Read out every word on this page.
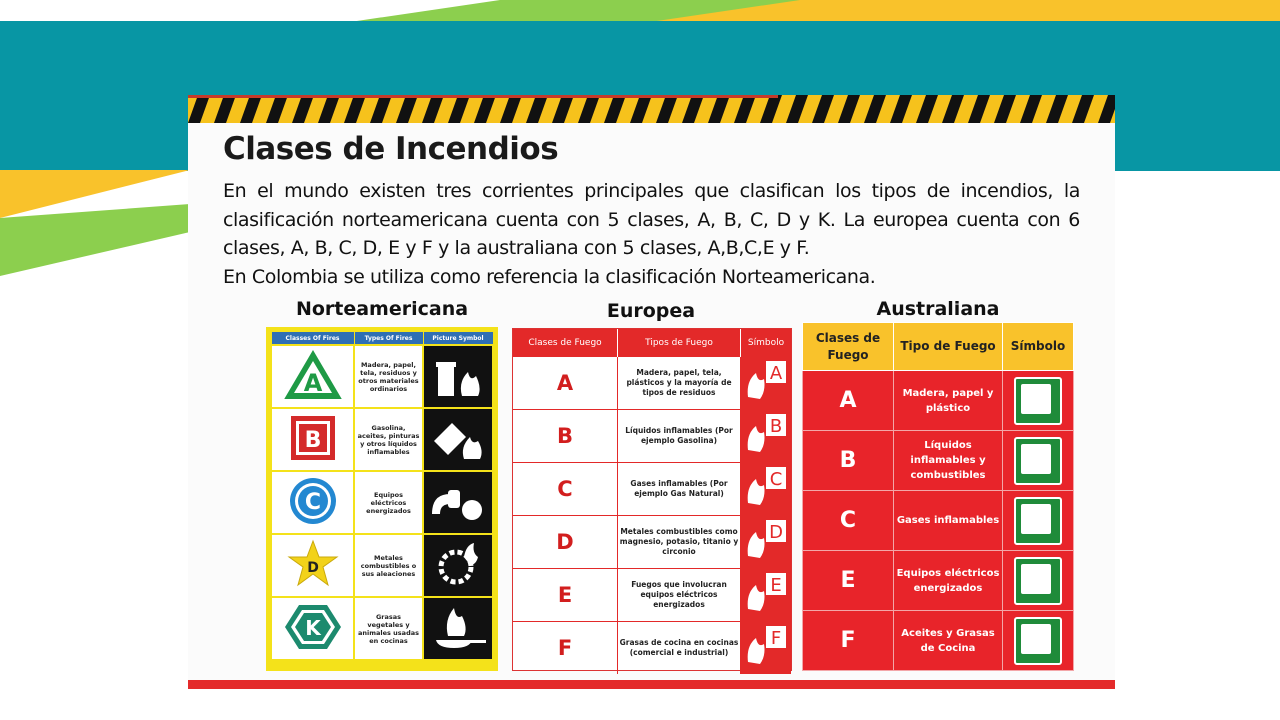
Clases de Incendios

En el mundo existen tres corrientes principales que clasifican los tipos de incendios, la clasificación norteamericana cuenta con 5 clases, A, B, C, D y K. La europea cuenta con 6 clases, A, B, C, D, E y F y la australiana con 5 clases, A,B,C,E y F.

En Colombia se utiliza como referencia la clasificación Norteamericana.

Norteamericana	Europea	Australiana
Classes Of Fires	Types Of Fires	Picture Symbol

A	Madera, papel, tela, residuos y otros materiales ordinarios	

B	Gasolina, aceites, pinturas y otros líquidos inflamables	

C	Equipos eléctricos energizados	

D	Metales combustibles o sus aleaciones	

K	Grasas vegetales y animales usadas en cocinas	
Clases de Fuego	Tipos de Fuego	Símbolo
A	Madera, papel, tela, plásticos y la mayoría de tipos de residuos	A

B	Líquidos inflamables (Por ejemplo Gasolina)	B

C	Gases inflamables (Por ejemplo Gas Natural)	C

D	Metales combustibles como magnesio, potasio, titanio y circonio	D

E	Fuegos que involucran equipos eléctricos energizados	E

F	Grasas de cocina en cocinas (comercial e industrial)	F
Clases de Fuego	Tipo de Fuego	Símbolo
A	Madera, papel y plástico	

B	Líquidos inflamables y combustibles	

C	Gases inflamables	

E	Equipos eléctricos energizados	

F	Aceites y Grasas de Cocina	
